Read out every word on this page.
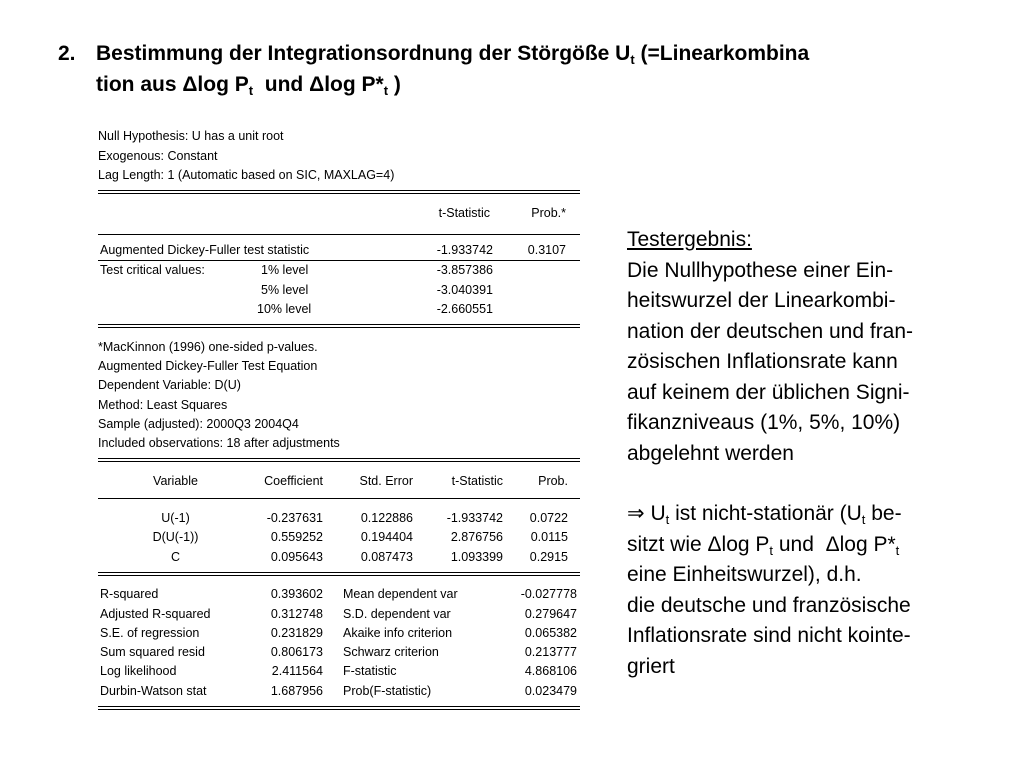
2. Bestimmung der Integrationsordnung der Störgöße $U_t$ (=Linearkombina
tion aus Δlog $P_t$  und Δlog $P*_t$ )
Null Hypothesis: U has a unit root
Exogenous: Constant
Lag Length: 1 (Automatic based on SIC, MAXLAG=4)
t-Statistic	Prob.*
Augmented Dickey-Fuller test statistic	-1.933742	0.3107
Test critical values:	1% level	-3.857386
5% level	-3.040391
10% level	-2.660551
*MacKinnon (1996) one-sided p-values.
Augmented Dickey-Fuller Test Equation
Dependent Variable: D(U)
Method: Least Squares
Sample (adjusted): 2000Q3 2004Q4
Included observations: 18 after adjustments
Variable	Coefficient	Std. Error	t-Statistic	Prob.
U(-1)	-0.237631	0.122886	-1.933742	0.0722
D(U(-1))	0.559252	0.194404	2.876756	0.0115
C	0.095643	0.087473	1.093399	0.2915
R-squared	0.393602 Mean dependent var	-0.027778
Adjusted R-squared	0.312748 S.D. dependent var	0.279647
S.E. of regression	0.231829 Akaike info criterion	0.065382
Sum squared resid	0.806173 Schwarz criterion	0.213777
Log likelihood	2.411564 F-statistic	4.868106
Durbin-Watson stat	1.687956 Prob(F-statistic)	0.023479
Testergebnis:
Die Nullhypothese einer Ein-
heitswurzel der Linearkombi-
nation der deutschen und fran-
zösischen Inflationsrate kann
auf keinem der üblichen Signi-
fikanzniveaus (1%, 5%, 10%)
abgelehnt werden
⇒ $U_t$ ist nicht-stationär ($U_t$ be-
sitzt wie Δlog $P_t$ und  Δlog $P*_t$
eine Einheitswurzel), d.h.
die deutsche und französische
Inflationsrate sind nicht kointe-
griert
